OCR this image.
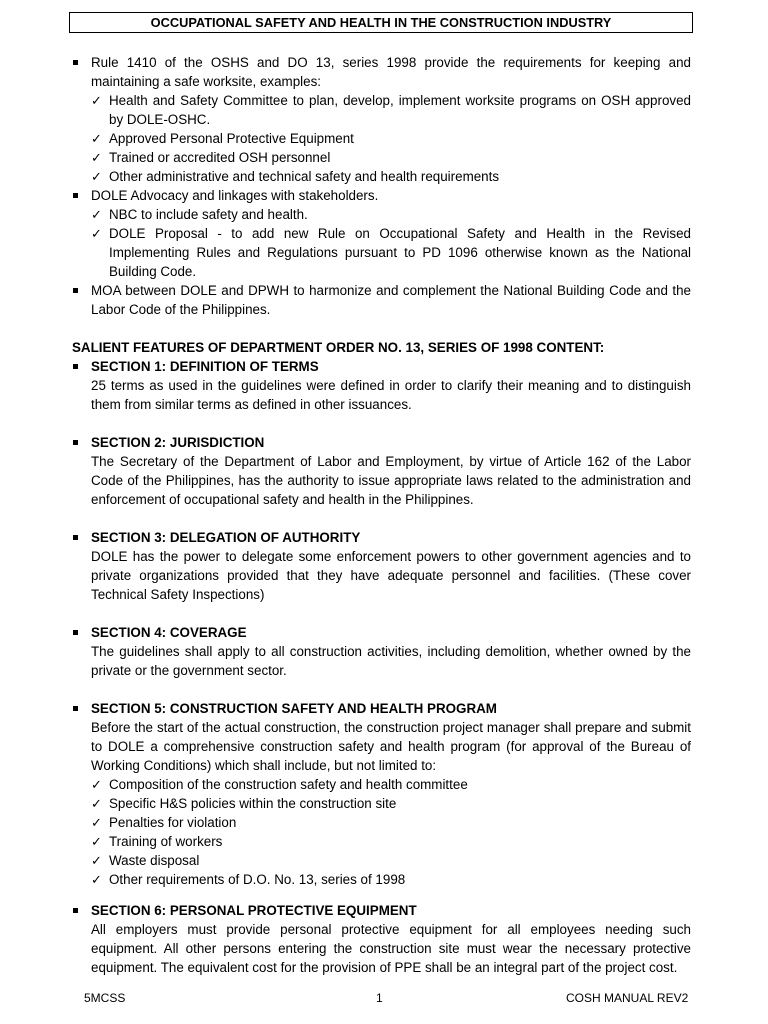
OCCUPATIONAL SAFETY AND HEALTH IN THE CONSTRUCTION INDUSTRY
Rule 1410 of the OSHS and DO 13, series 1998 provide the requirements for keeping and maintaining a safe worksite, examples:
✓ Health and Safety Committee to plan, develop, implement worksite programs on OSH approved by DOLE-OSHC.
✓ Approved Personal Protective Equipment
✓ Trained or accredited OSH personnel
✓ Other administrative and technical safety and health requirements
DOLE Advocacy and linkages with stakeholders.
✓ NBC to include safety and health.
✓ DOLE Proposal - to add new Rule on Occupational Safety and Health in the Revised Implementing Rules and Regulations pursuant to PD 1096 otherwise known as the National Building Code.
MOA between DOLE and DPWH to harmonize and complement the National Building Code and the Labor Code of the Philippines.
SALIENT FEATURES OF DEPARTMENT ORDER NO. 13, SERIES OF 1998 CONTENT:
SECTION 1: DEFINITION OF TERMS
25 terms as used in the guidelines were defined in order to clarify their meaning and to distinguish them from similar terms as defined in other issuances.
SECTION 2: JURISDICTION
The Secretary of the Department of Labor and Employment, by virtue of Article 162 of the Labor Code of the Philippines, has the authority to issue appropriate laws related to the administration and enforcement of occupational safety and health in the Philippines.
SECTION 3: DELEGATION OF AUTHORITY
DOLE has the power to delegate some enforcement powers to other government agencies and to private organizations provided that they have adequate personnel and facilities. (These cover Technical Safety Inspections)
SECTION 4: COVERAGE
The guidelines shall apply to all construction activities, including demolition, whether owned by the private or the government sector.
SECTION 5: CONSTRUCTION SAFETY AND HEALTH PROGRAM
Before the start of the actual construction, the construction project manager shall prepare and submit to DOLE a comprehensive construction safety and health program (for approval of the Bureau of Working Conditions) which shall include, but not limited to:
✓ Composition of the construction safety and health committee
✓ Specific H&S policies within the construction site
✓ Penalties for violation
✓ Training of workers
✓ Waste disposal
✓ Other requirements of D.O. No. 13, series of 1998
SECTION 6: PERSONAL PROTECTIVE EQUIPMENT
All employers must provide personal protective equipment for all employees needing such equipment. All other persons entering the construction site must wear the necessary protective equipment. The equivalent cost for the provision of PPE shall be an integral part of the project cost.
5MCSS	1	COSH MANUAL REV2
